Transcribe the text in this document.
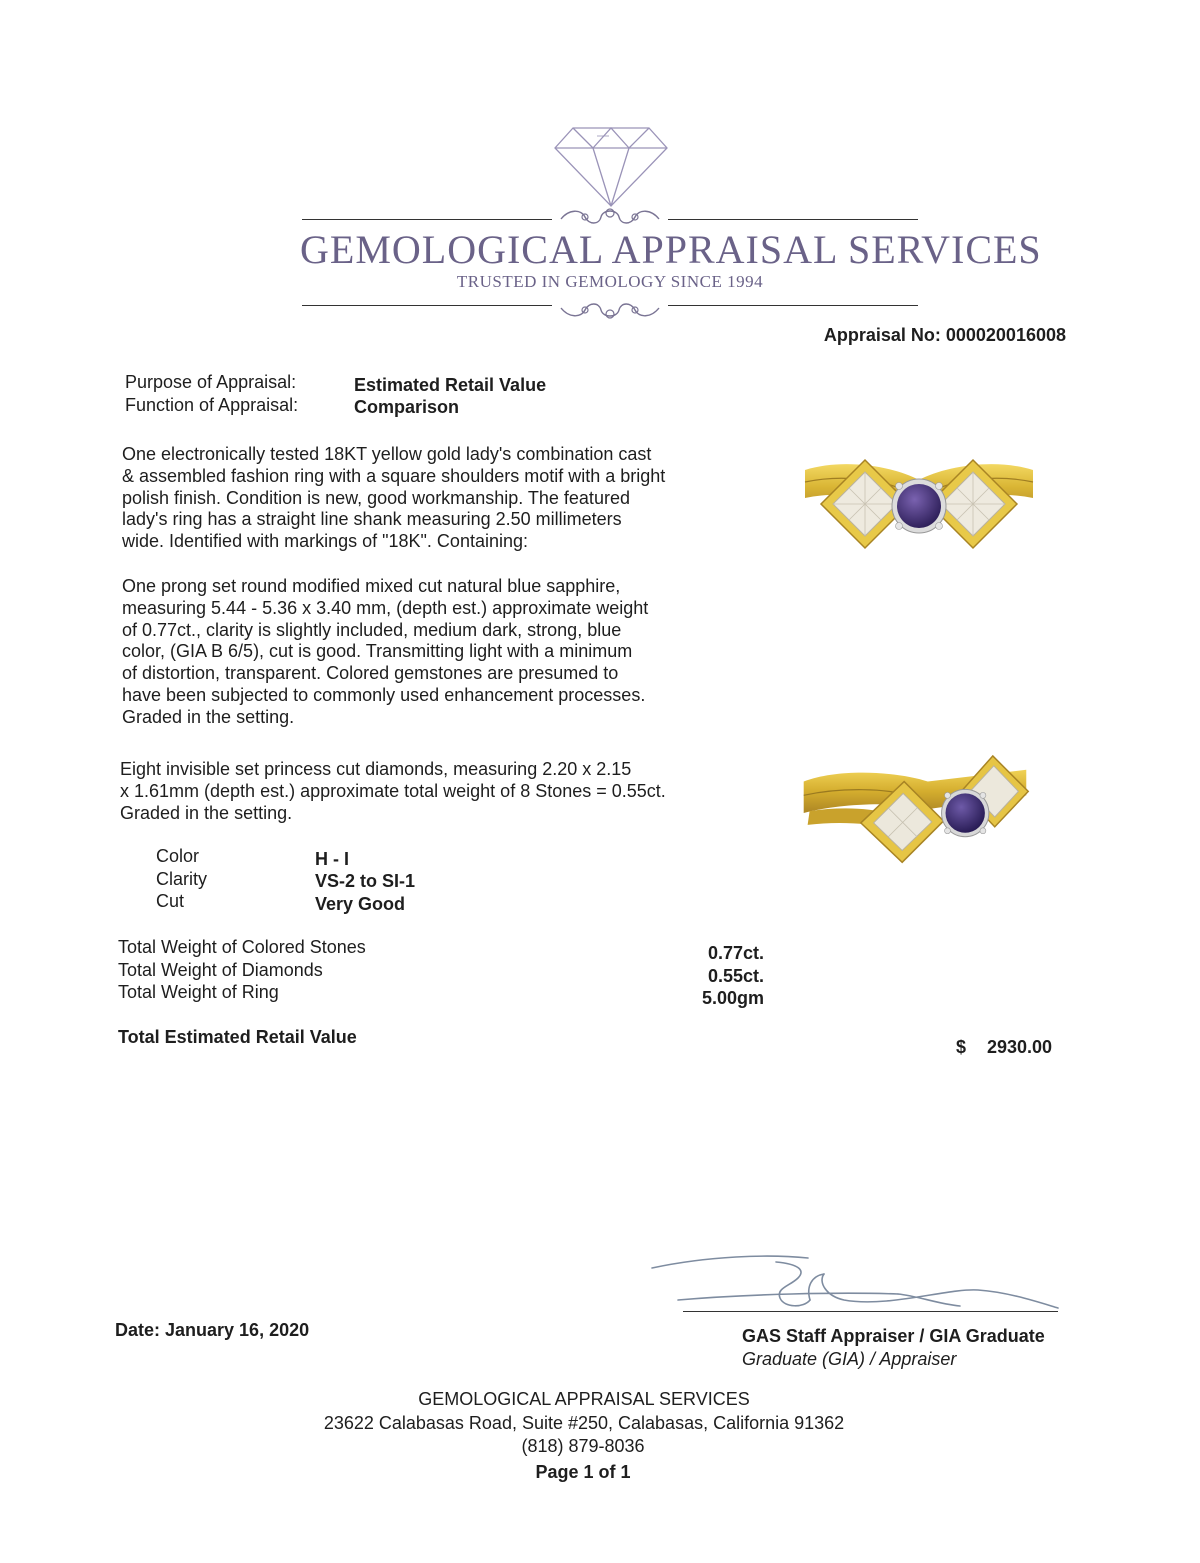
GEMOLOGICAL APPRAISAL SERVICES
TRUSTED IN GEMOLOGY SINCE 1994
Appraisal No: 000020016008
Purpose of Appraisal:	Estimated Retail Value
Function of Appraisal:	Comparison
One electronically tested 18KT yellow gold lady's combination cast
& assembled fashion ring with a square shoulders motif with a bright
polish finish. Condition is new, good workmanship. The featured
lady's ring has a straight line shank measuring 2.50 millimeters
wide. Identified with markings of "18K". Containing:
One prong set round modified mixed cut natural blue sapphire,
measuring 5.44 - 5.36 x 3.40 mm, (depth est.) approximate weight
of 0.77ct., clarity is slightly included, medium dark, strong, blue
color, (GIA B 6/5), cut is good. Transmitting light with a minimum
of distortion, transparent. Colored gemstones are presumed to
have been subjected to commonly used enhancement processes.
Graded in the setting.
Eight invisible set princess cut diamonds, measuring 2.20 x 2.15
x 1.61mm (depth est.) approximate total weight of 8 Stones = 0.55ct.
Graded in the setting.
Color	H - I
Clarity	VS-2 to SI-1
Cut	Very Good
Total Weight of Colored Stones	0.77ct.
Total Weight of Diamonds	0.55ct.
Total Weight of Ring	5.00gm
Total Estimated Retail Value	$ 2930.00
Date: January 16, 2020	GAS Staff Appraiser / GIA Graduate
Graduate (GIA) / Appraiser
GEMOLOGICAL APPRAISAL SERVICES
23622 Calabasas Road, Suite #250, Calabasas, California 91362
(818) 879-8036
Page 1 of 1
